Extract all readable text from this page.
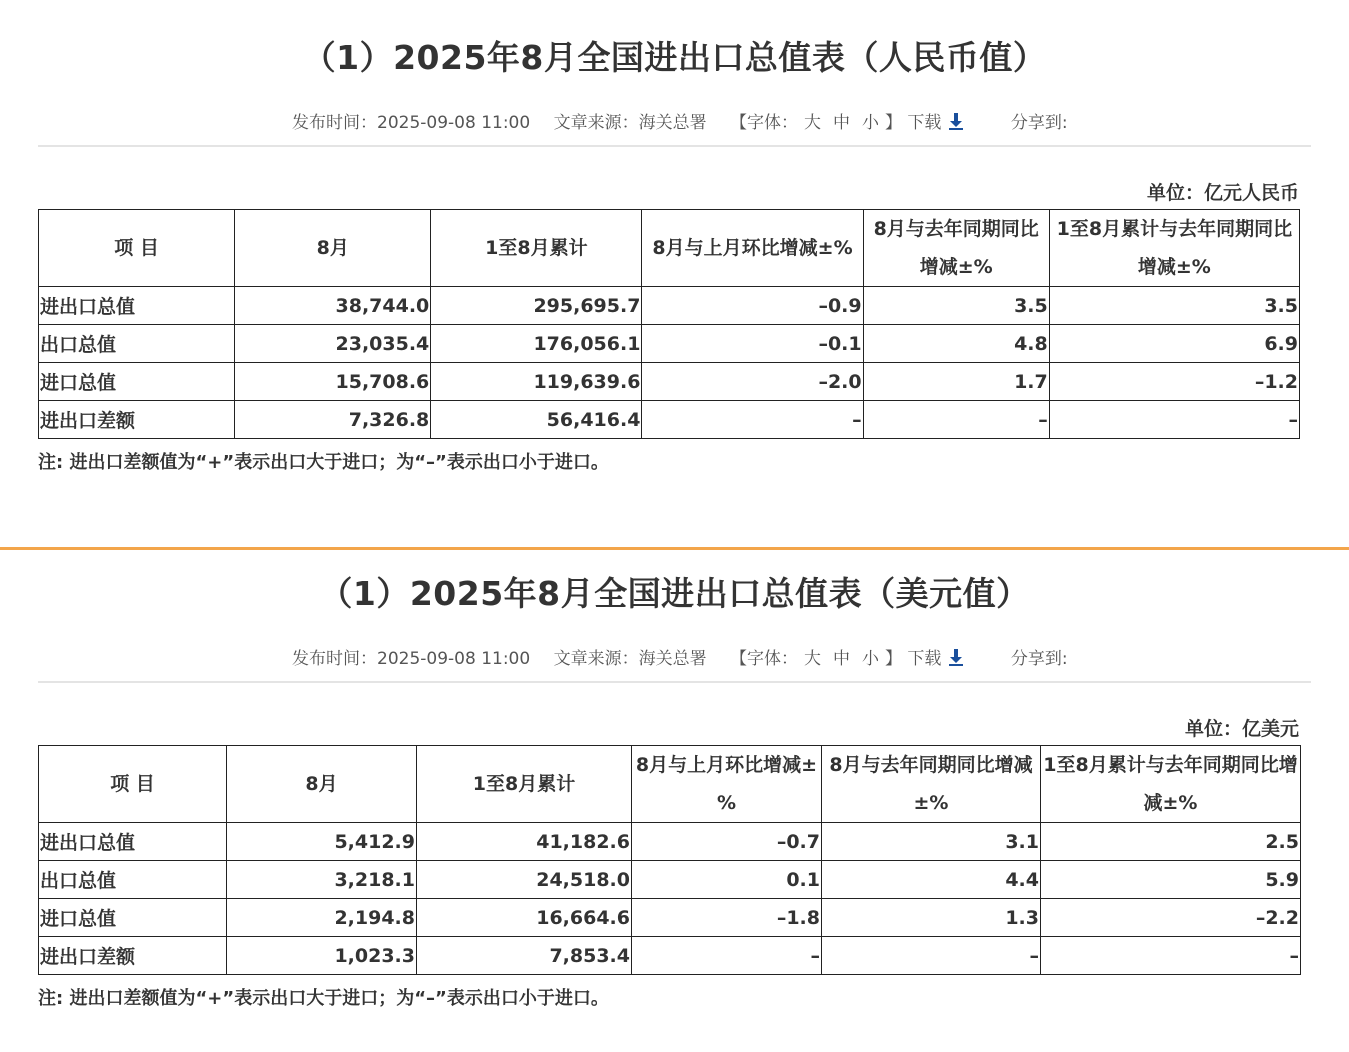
（1）2025年8月全国进出口总值表（人民币值）
发布时间：2025-09-08 11:00 文章来源：海关总署 【字体： 大 中 小 】 下载	分享到:
单位：亿元人民币
项 目	8月	1至8月累计	8月与上月环比增减±%	8月与去年同期同比增减±%	1至8月累计与去年同期同比增减±%
进出口总值	38,744.0	295,695.7	–0.9	3.5	3.5
出口总值	23,035.4	176,056.1	–0.1	4.8	6.9
进口总值	15,708.6	119,639.6	–2.0	1.7	–1.2
进出口差额	7,326.8	56,416.4	–	–	–
注: 进出口差额值为“+”表示出口大于进口；为“–”表示出口小于进口。
（1）2025年8月全国进出口总值表（美元值）
发布时间：2025-09-08 11:00 文章来源：海关总署 【字体： 大 中 小 】 下载	分享到:
单位：亿美元
项 目	8月	1至8月累计	8月与上月环比增减±%	8月与去年同期同比增减±%	1至8月累计与去年同期同比增减±%
进出口总值	5,412.9	41,182.6	–0.7	3.1	2.5
出口总值	3,218.1	24,518.0	0.1	4.4	5.9
进口总值	2,194.8	16,664.6	–1.8	1.3	–2.2
进出口差额	1,023.3	7,853.4	–	–	–
注: 进出口差额值为“+”表示出口大于进口；为“–”表示出口小于进口。
